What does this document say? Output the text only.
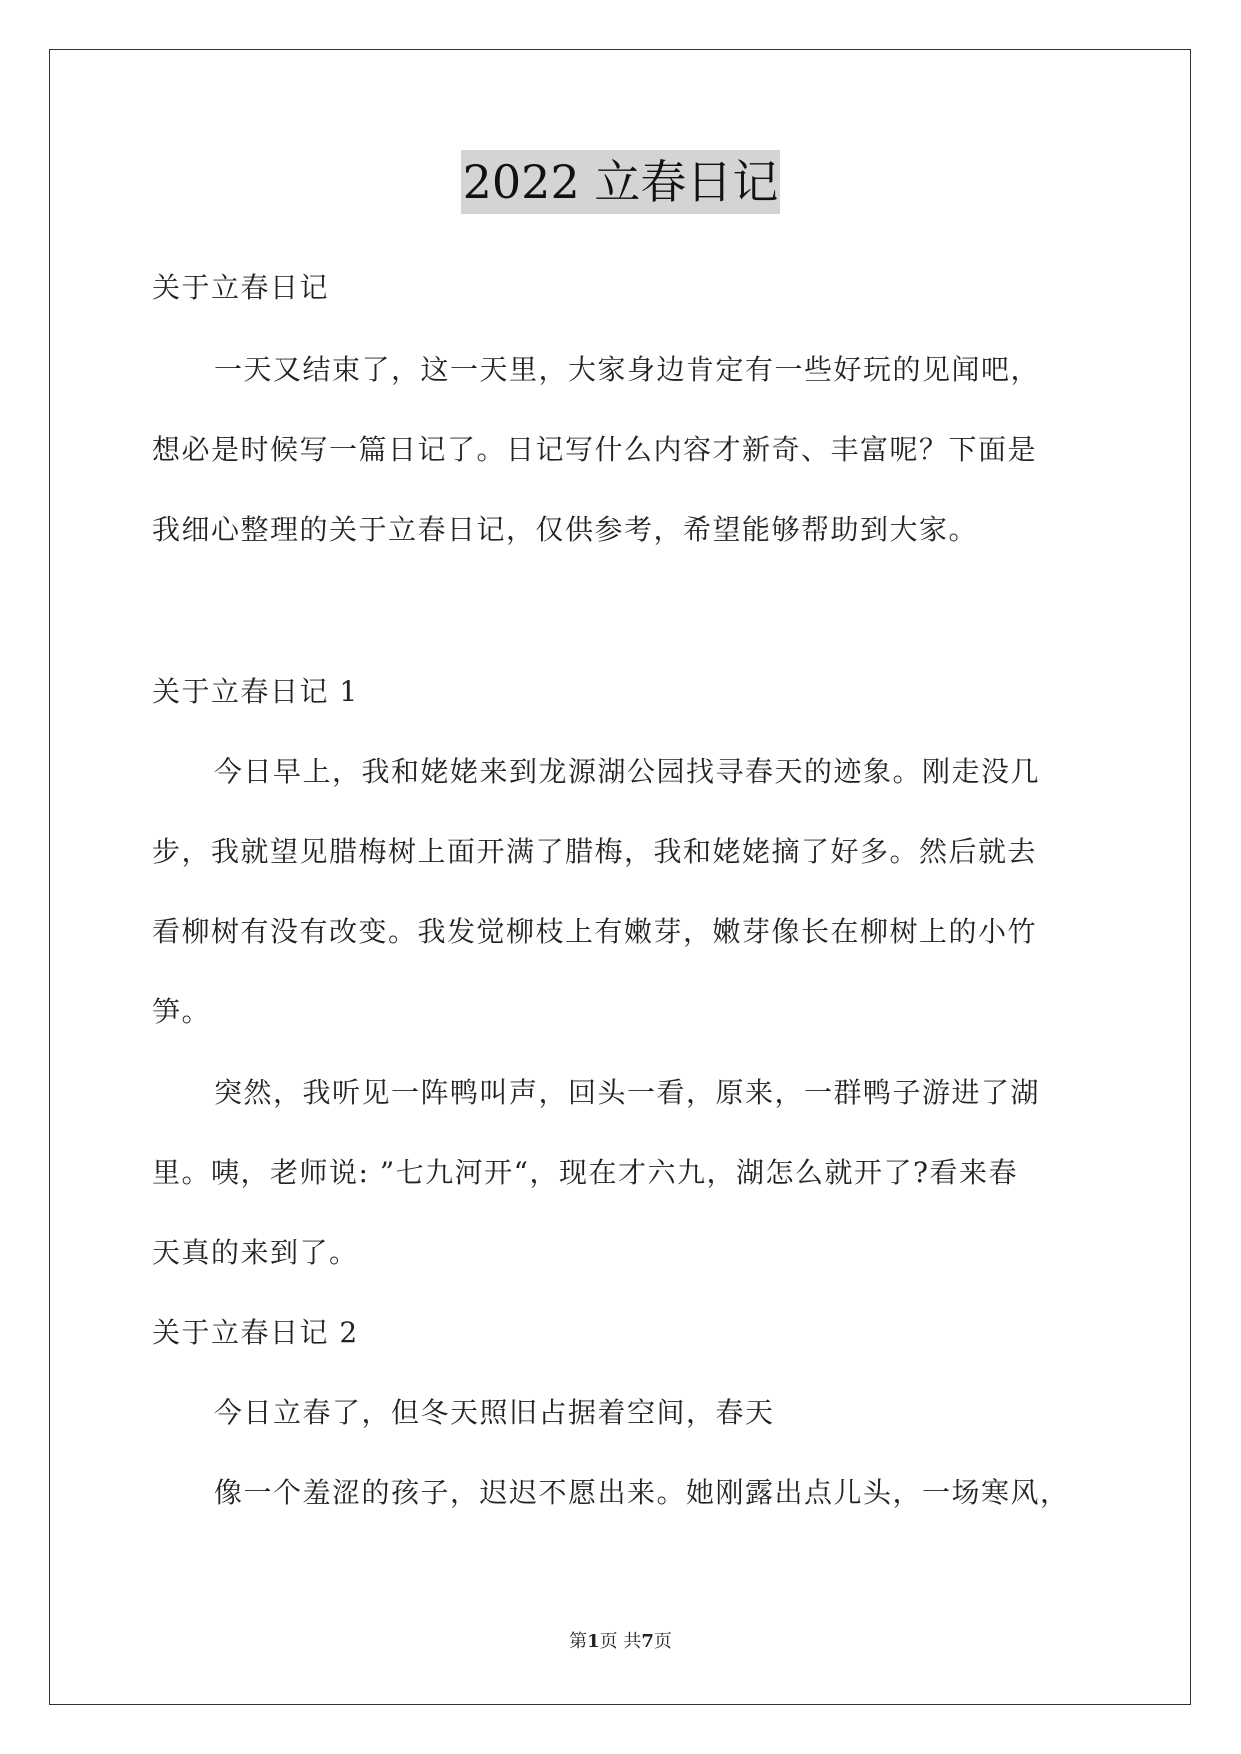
2022 立春日记
关于立春日记
一天又结束了，这一天里，大家身边肯定有一些好玩的见闻吧，
想必是时候写一篇日记了。日记写什么内容才新奇、丰富呢？下面是
我细心整理的关于立春日记，仅供参考，希望能够帮助到大家。
关于立春日记 1
今日早上，我和姥姥来到龙源湖公园找寻春天的迹象。刚走没几
步，我就望见腊梅树上面开满了腊梅，我和姥姥摘了好多。然后就去
看柳树有没有改变。我发觉柳枝上有嫩芽，嫩芽像长在柳树上的小竹
笋。
突然，我听见一阵鸭叫声，回头一看，原来，一群鸭子游进了湖
里。咦，老师说: ”七九河开“，现在才六九，湖怎么就开了?看来春
天真的来到了。
关于立春日记 2
今日立春了，但冬天照旧占据着空间，春天
像一个羞涩的孩子，迟迟不愿出来。她刚露出点儿头，一场寒风，
第1页 共7页
